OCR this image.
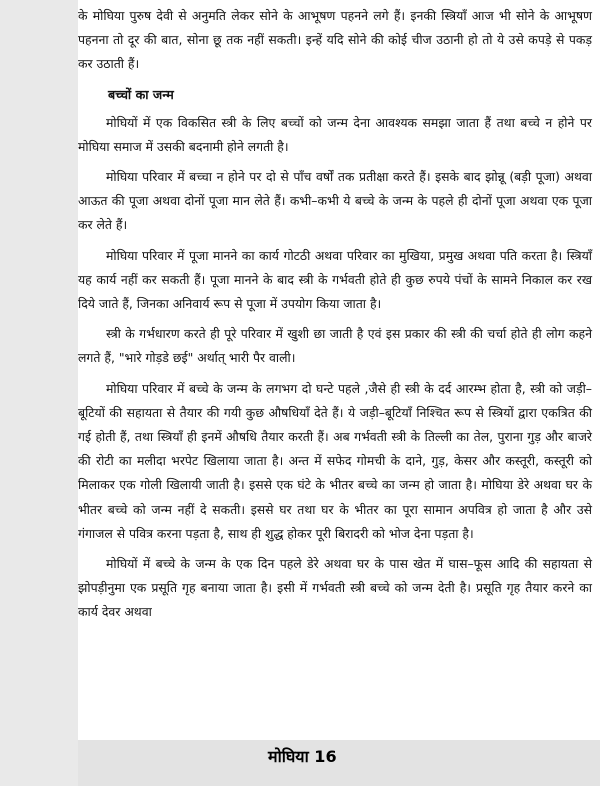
के मोघिया पुरुष देवी से अनुमति लेकर सोने के आभूषण पहनने लगे हैं। इनकी स्त्रियाँ आज भी सोने के आभूषण पहनना तो दूर की बात, सोना छू तक नहीं सकती। इन्हें यदि सोने की कोई चीज उठानी हो तो ये उसे कपड़े से पकड़ कर उठाती हैं।

बच्चों का जन्म

मोघियों में एक विकसित स्त्री के लिए बच्चों को जन्म देना आवश्यक समझा जाता हैं तथा बच्चे न होने पर मोघिया समाज में उसकी बदनामी होने लगती है।

मोघिया परिवार में बच्चा न होने पर दो से पाँच वर्षों तक प्रतीक्षा करते हैं। इसके बाद झोन्नू (बड़ी पूजा) अथवा आऊत की पूजा अथवा दोनों पूजा मान लेते हैं। कभी–कभी ये बच्चे के जन्म के पहले ही दोनों पूजा अथवा एक पूजा कर लेते हैं।

मोघिया परिवार में पूजा मानने का कार्य गोटठी अथवा परिवार का मुखिया, प्रमुख अथवा पति करता है। स्त्रियाँ यह कार्य नहीं कर सकती हैं। पूजा मानने के बाद स्त्री के गर्भवती होते ही कुछ रुपये पंचों के सामने निकाल कर रख दिये जाते हैं, जिनका अनिवार्य रूप से पूजा में उपयोग किया जाता है।

स्त्री के गर्भधारण करते ही पूरे परिवार में खुशी छा जाती है एवं इस प्रकार की स्त्री की चर्चा होते ही लोग कहने लगते हैं, "भारे गोड़डे छई" अर्थात् भारी पैर वाली।

मोघिया परिवार में बच्चे के जन्म के लगभग दो घन्टे पहले ,जैसे ही स्त्री के दर्द आरम्भ होता है, स्त्री को जड़ी–बूटियों की सहायता से तैयार की गयी कुछ औषधियाँ देते हैं। ये जड़ी–बूटियाँ निश्चित रूप से स्त्रियों द्वारा एकत्रित की गई होती हैं, तथा स्त्रियाँ ही इनमें औषधि तैयार करती हैं। अब गर्भवती स्त्री के तिल्ली का तेल, पुराना गुड़ और बाजरे की रोटी का मलीदा भरपेट खिलाया जाता है। अन्त में सफेद गोमची के दाने, गुड़, केसर और कस्तूरी, कस्तूरी को मिलाकर एक गोली खिलायी जाती है। इससे एक घंटे के भीतर बच्चे का जन्म हो जाता है। मोघिया डेरे अथवा घर के भीतर बच्चे को जन्म नहीं दे सकती। इससे घर तथा घर के भीतर का पूरा सामान अपवित्र हो जाता है और उसे गंगाजल से पवित्र करना पड़ता है, साथ ही शुद्ध होकर पूरी बिरादरी को भोज देना पड़ता है।

मोघियों में बच्चे के जन्म के एक दिन पहले डेरे अथवा घर के पास खेत में घास–फूस आदि की सहायता से झोपड़ीनुमा एक प्रसूति गृह बनाया जाता है। इसी में गर्भवती स्त्री बच्चे को जन्म देती है। प्रसूति गृह तैयार करने का कार्य देवर अथवा

मोघिया 16
